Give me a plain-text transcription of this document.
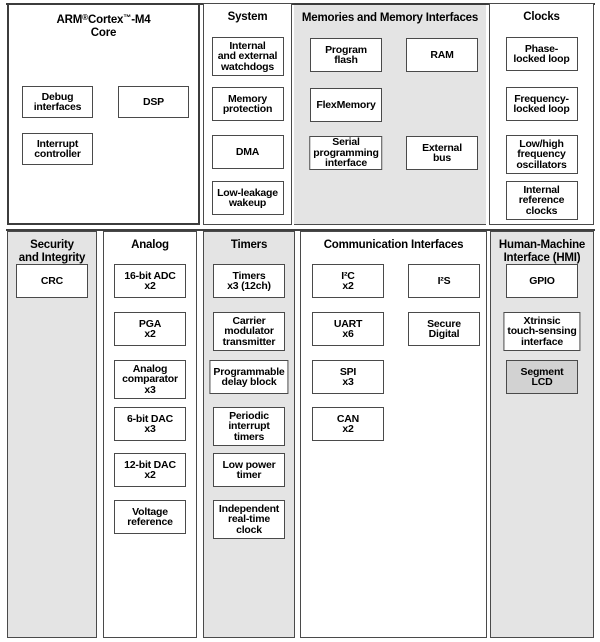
ARM®Cortex™-M4
Core
Debug
interfaces	DSP
Interrupt
controller
System
Internal
and external
watchdogs
Memory
protection
DMA
Low-leakage
wakeup
Memories and Memory Interfaces
Program
flash	RAM
FlexMemory
Serial
programming
interface
External
bus
Clocks
Phase-
locked loop
Frequency-
locked loop
Low/high
frequency
oscillators
Internal
reference
clocks
Security
and Integrity
CRC
Analog
16-bit ADC
x2
PGA
x2
Analog
comparator
x3
6-bit DAC
x3
12-bit DAC
x2
Voltage
reference
Timers
Timers
x3 (12ch)
Carrier
modulator
transmitter
Programmable
delay block
Periodic
interrupt
timers
Low power
timer
Independent
real-time
clock
Communication Interfaces
I²C
x2	I²S
UART
x6
Secure
Digital
SPI
x3
CAN
x2
Human-Machine
Interface (HMI)
GPIO
Xtrinsic
touch-sensing
interface
Segment
LCD
